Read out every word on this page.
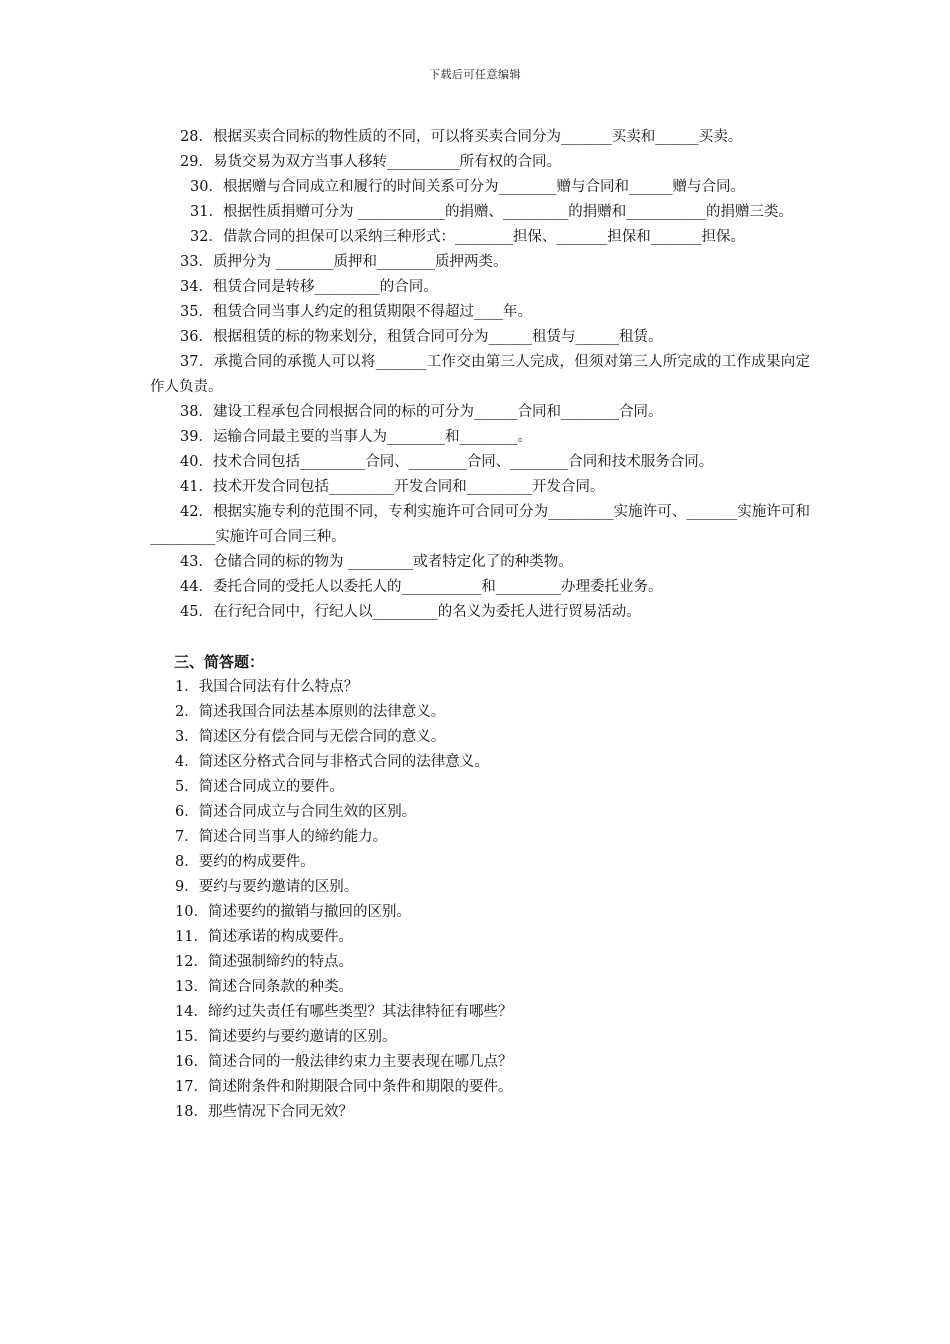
下载后可任意编辑

28．根据买卖合同标的物性质的不同，可以将买卖合同分为_______买卖和______买卖。

29．易货交易为双方当事人移转__________所有权的合同。

30．根据赠与合同成立和履行的时间关系可分为________赠与合同和______赠与合同。

31．根据性质捐赠可分为 ____________的捐赠、_________的捐赠和___________的捐赠三类。

32．借款合同的担保可以采纳三种形式：________担保、_______担保和_______担保。

33．质押分为 ________质押和________质押两类。

34．租赁合同是转移_________的合同。

35．租赁合同当事人约定的租赁期限不得超过____年。

36．根据租赁的标的物来划分，租赁合同可分为______租赁与______租赁。

37．承揽合同的承揽人可以将_______工作交由第三人完成，但须对第三人所完成的工作成果向定作人负责。

38．建设工程承包合同根据合同的标的可分为______合同和________合同。

39．运输合同最主要的当事人为________和________。

40．技术合同包括_________合同、________合同、________合同和技术服务合同。

41．技术开发合同包括_________开发合同和_________开发合同。

42．根据实施专利的范围不同，专利实施许可合同可分为_________实施许可、_______实施许可和_________实施许可合同三种。

43．仓储合同的标的物为 _________或者特定化了的种类物。

44．委托合同的受托人以委托人的___________和_________办理委托业务。

45．在行纪合同中，行纪人以_________的名义为委托人进行贸易活动。

三、简答题：

1．我国合同法有什么特点？

2．简述我国合同法基本原则的法律意义。

3．简述区分有偿合同与无偿合同的意义。

4．简述区分格式合同与非格式合同的法律意义。

5．简述合同成立的要件。

6．简述合同成立与合同生效的区别。

7．简述合同当事人的缔约能力。

8．要约的构成要件。

9．要约与要约邀请的区别。

10．简述要约的撤销与撤回的区别。

11．简述承诺的构成要件。

12．简述强制缔约的特点。

13．简述合同条款的种类。

14．缔约过失责任有哪些类型？其法律特征有哪些？

15．简述要约与要约邀请的区别。

16．简述合同的一般法律约束力主要表现在哪几点？

17．简述附条件和附期限合同中条件和期限的要件。

18．那些情况下合同无效？
